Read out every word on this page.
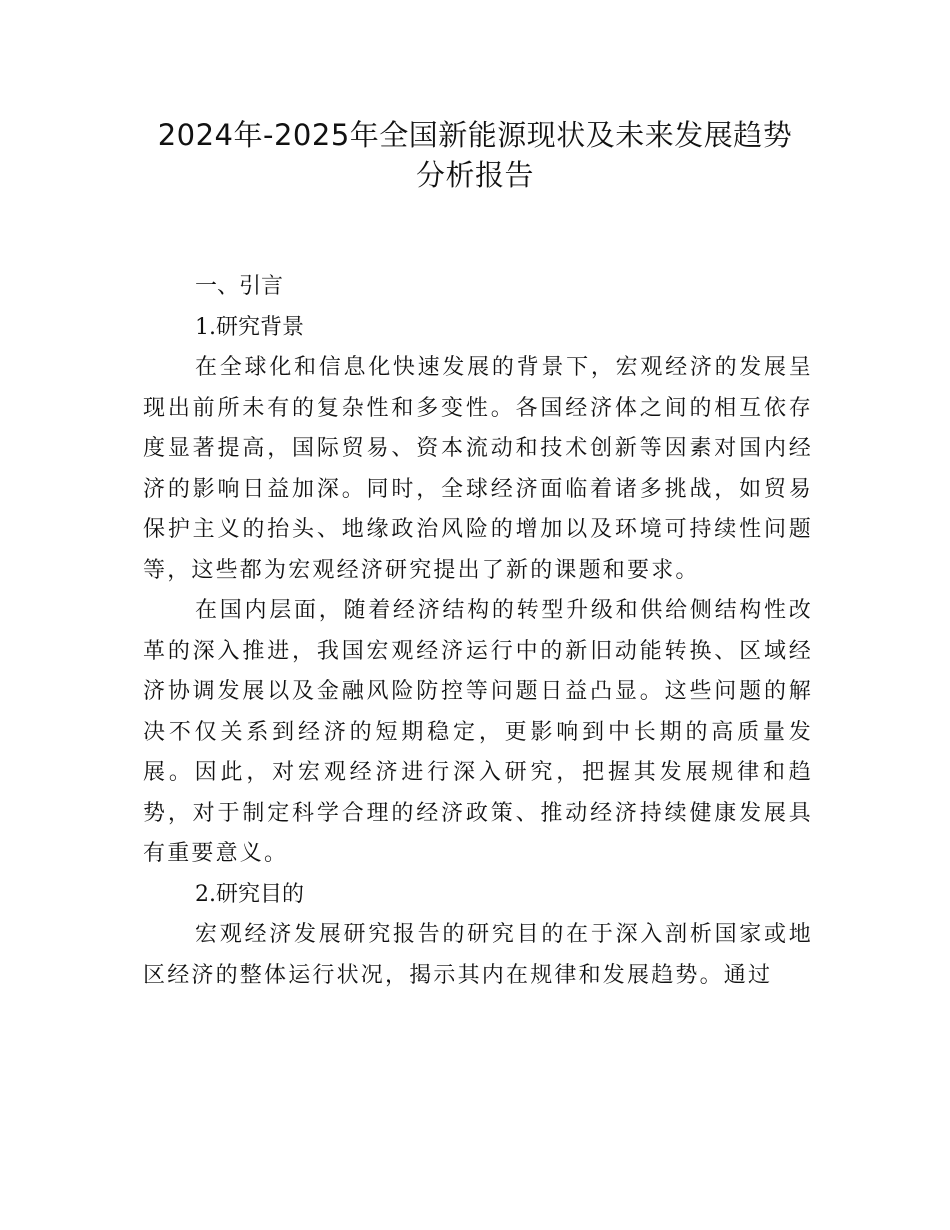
2024年-2025年全国新能源现状及未来发展趋势
分析报告

一、引言

1.研究背景

在全球化和信息化快速发展的背景下，宏观经济的发展呈现出前所未有的复杂性和多变性。各国经济体之间的相互依存度显著提高，国际贸易、资本流动和技术创新等因素对国内经济的影响日益加深。同时，全球经济面临着诸多挑战，如贸易保护主义的抬头、地缘政治风险的增加以及环境可持续性问题等，这些都为宏观经济研究提出了新的课题和要求。

在国内层面，随着经济结构的转型升级和供给侧结构性改革的深入推进，我国宏观经济运行中的新旧动能转换、区域经济协调发展以及金融风险防控等问题日益凸显。这些问题的解决不仅关系到经济的短期稳定，更影响到中长期的高质量发展。因此，对宏观经济进行深入研究，把握其发展规律和趋势，对于制定科学合理的经济政策、推动经济持续健康发展具有重要意义。

2.研究目的

宏观经济发展研究报告的研究目的在于深入剖析国家或地区经济的整体运行状况，揭示其内在规律和发展趋势。通过
